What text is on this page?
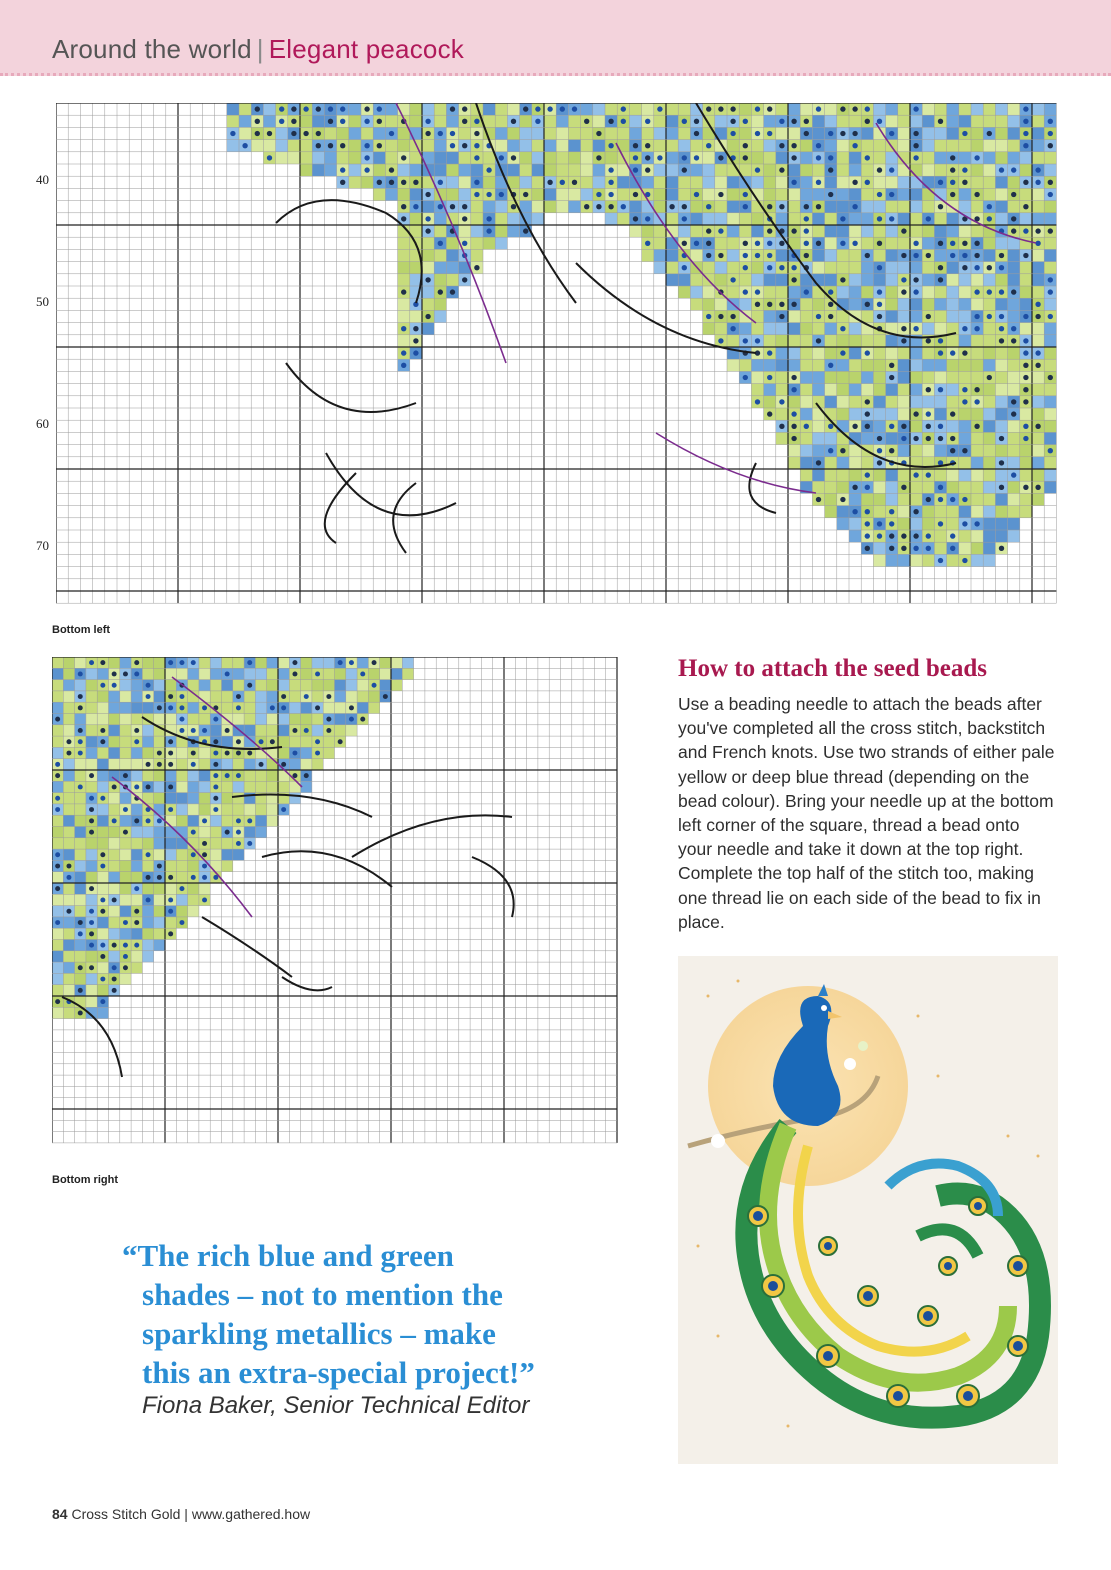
Around the world | Elegant peacock
40
50
60
70
Bottom left
Bottom right
How to attach the seed beads
Use a beading needle to attach the beads after you've completed all the cross stitch, backstitch and French knots. Use two strands of either pale yellow or deep blue thread (depending on the bead colour). Bring your needle up at the bottom left corner of the square, thread a bead onto your needle and take it down at the top right. Complete the top half of the stitch too, making one thread lie on each side of the bead to fix in place.
“The rich blue and green
shades – not to mention the
sparkling metallics – make
this an extra-special project!”
Fiona Baker, Senior Technical Editor
84 Cross Stitch Gold | www.gathered.how
